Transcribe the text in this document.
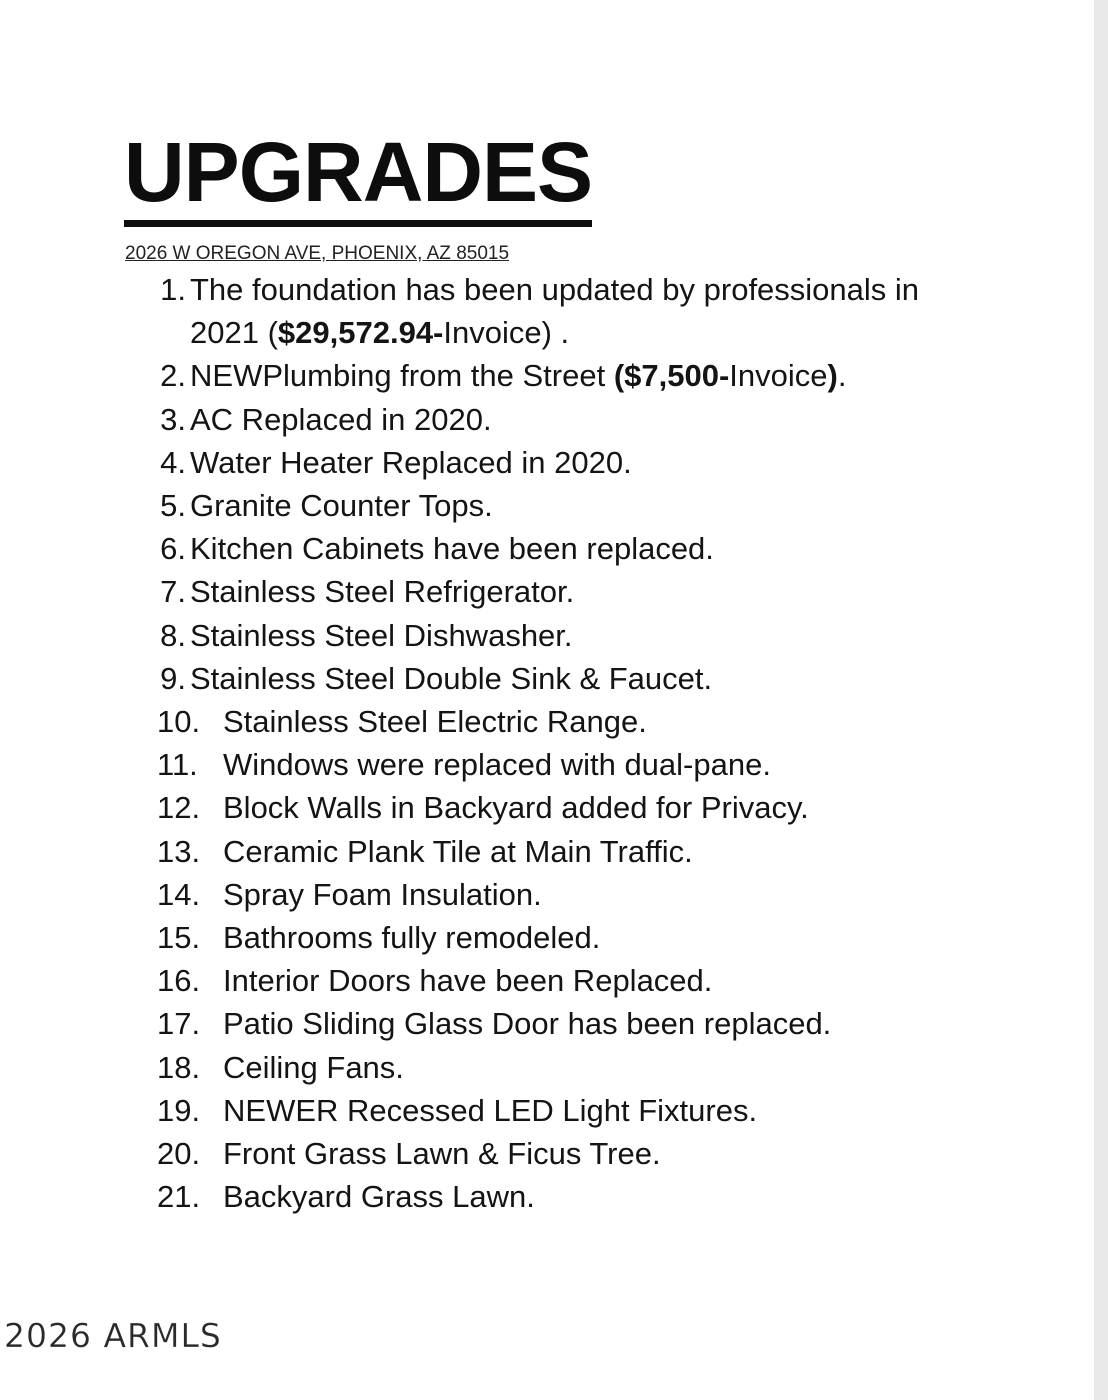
UPGRADES
2026 W OREGON AVE, PHOENIX, AZ 85015
1. The foundation has been updated by professionals in 2021 ($29,572.94-Invoice) .
2. NEWPlumbing from the Street ($7,500-Invoice).
3. AC Replaced in 2020.
4. Water Heater Replaced in 2020.
5. Granite Counter Tops.
6. Kitchen Cabinets have been replaced.
7. Stainless Steel Refrigerator.
8. Stainless Steel Dishwasher.
9. Stainless Steel Double Sink & Faucet.
10. Stainless Steel Electric Range.
11. Windows were replaced with dual-pane.
12. Block Walls in Backyard added for Privacy.
13. Ceramic Plank Tile at Main Traffic.
14. Spray Foam Insulation.
15. Bathrooms fully remodeled.
16. Interior Doors have been Replaced.
17. Patio Sliding Glass Door has been replaced.
18. Ceiling Fans.
19. NEWER Recessed LED Light Fixtures.
20. Front Grass Lawn & Ficus Tree.
21. Backyard Grass Lawn.
2026 ARMLS
